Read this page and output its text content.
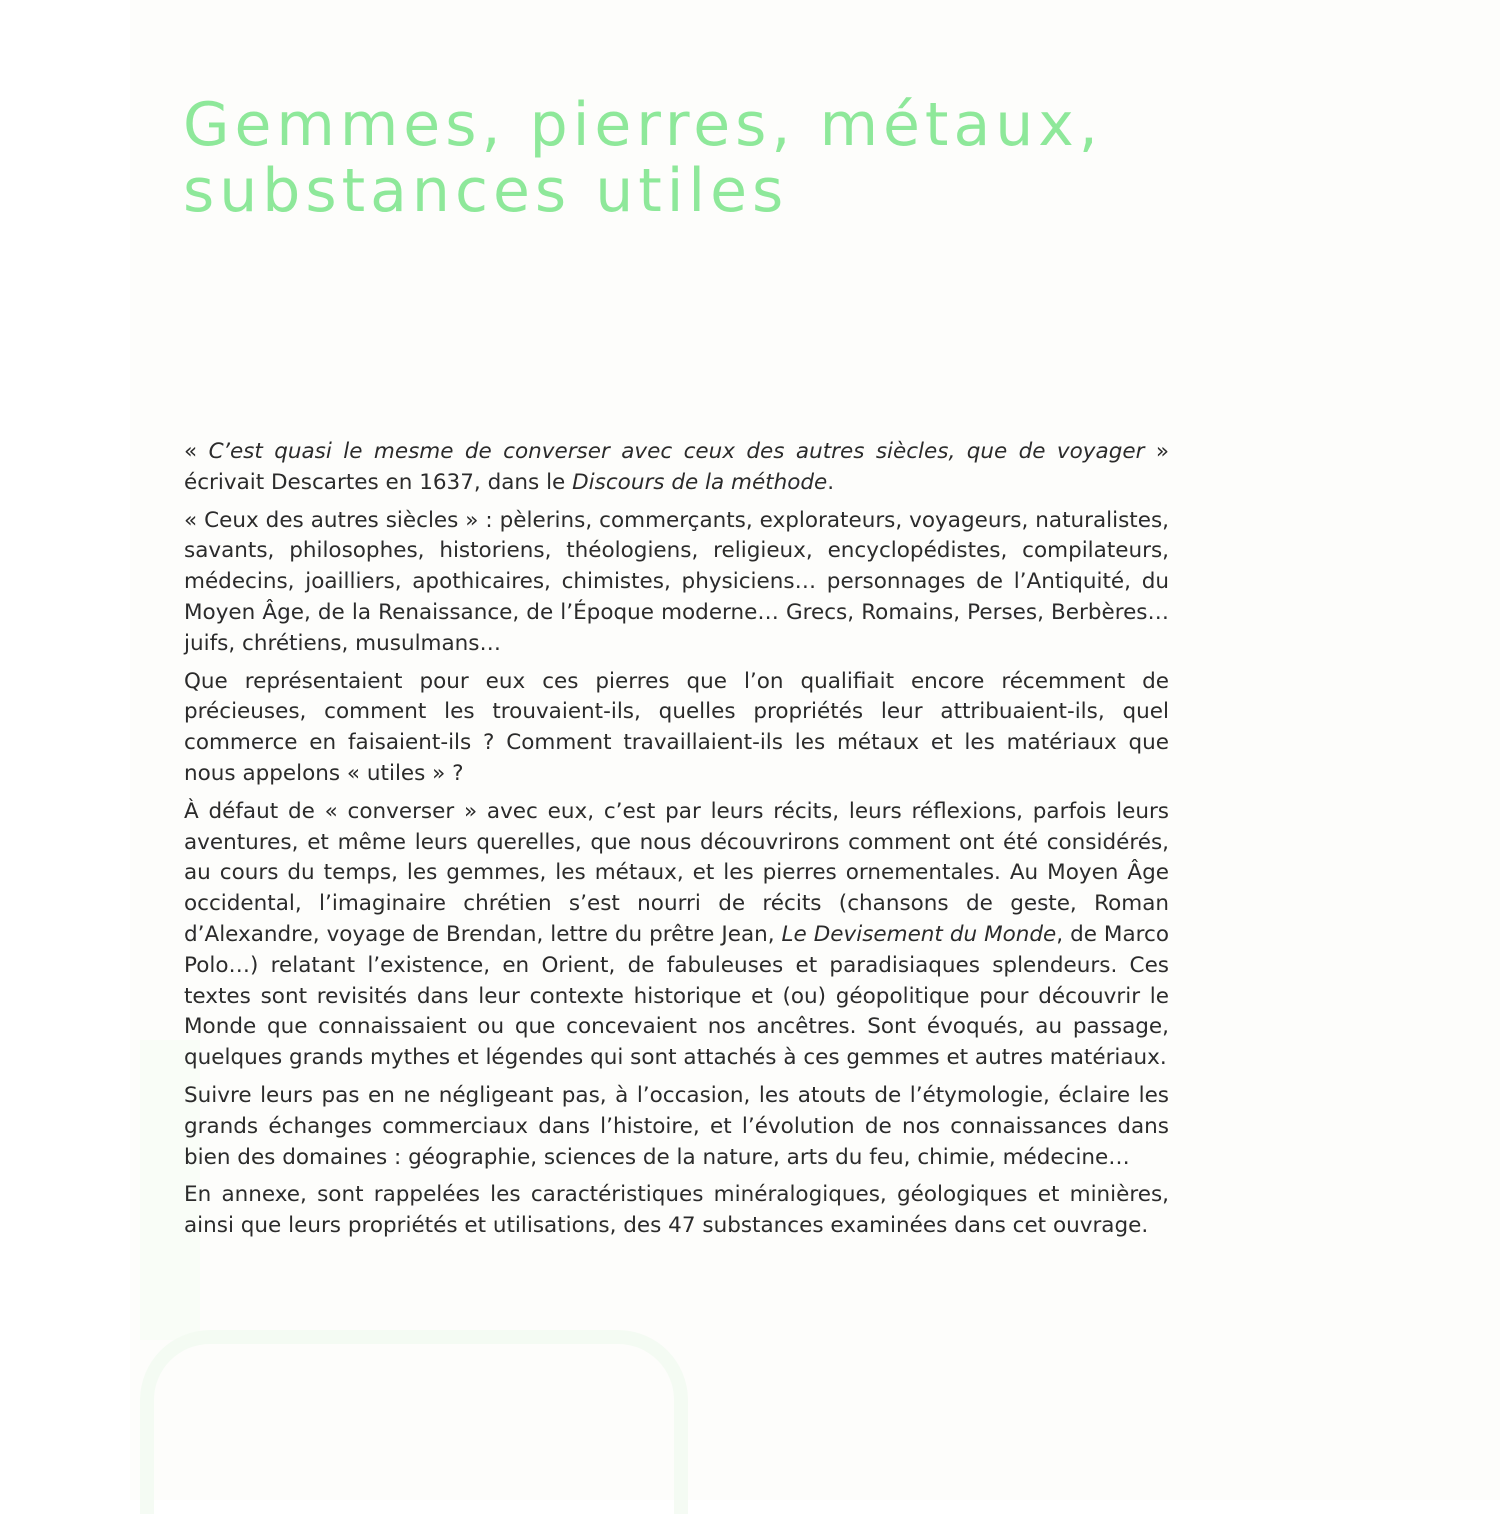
Gemmes, pierres, métaux,
substances utiles

« C’est quasi le mesme de converser avec ceux des autres siècles, que de voyager » écrivait Descartes en 1637, dans le Discours de la méthode.

« Ceux des autres siècles » : pèlerins, commerçants, explorateurs, voyageurs, naturalistes, savants, philosophes, historiens, théologiens, religieux, encyclopédistes, compilateurs, médecins, joailliers, apothicaires, chimistes, physiciens… personnages de l’Antiquité, du Moyen Âge, de la Renaissance, de l’Époque moderne… Grecs, Romains, Perses, Berbères… juifs, chrétiens, musulmans…

Que représentaient pour eux ces pierres que l’on qualifiait encore récemment de précieuses, comment les trouvaient-ils, quelles propriétés leur attribuaient-ils, quel commerce en faisaient-ils ? Comment travaillaient-ils les métaux et les matériaux que nous appelons « utiles » ?

À défaut de « converser » avec eux, c’est par leurs récits, leurs réflexions, parfois leurs aventures, et même leurs querelles, que nous découvrirons comment ont été considérés, au cours du temps, les gemmes, les métaux, et les pierres ornementales. Au Moyen Âge occidental, l’imaginaire chrétien s’est nourri de récits (chansons de geste, Roman d’Alexandre, voyage de Brendan, lettre du prêtre Jean, Le Devisement du Monde, de Marco Polo…) relatant l’existence, en Orient, de fabuleuses et paradisiaques splendeurs. Ces textes sont revisités dans leur contexte historique et (ou) géopolitique pour découvrir le Monde que connaissaient ou que concevaient nos ancêtres. Sont évoqués, au passage, quelques grands mythes et légendes qui sont attachés à ces gemmes et autres matériaux.

Suivre leurs pas en ne négligeant pas, à l’occasion, les atouts de l’étymologie, éclaire les grands échanges commerciaux dans l’histoire, et l’évolution de nos connaissances dans bien des domaines : géographie, sciences de la nature, arts du feu, chimie, médecine…

En annexe, sont rappelées les caractéristiques minéralogiques, géologiques et minières, ainsi que leurs propriétés et utilisations, des 47 substances examinées dans cet ouvrage.
